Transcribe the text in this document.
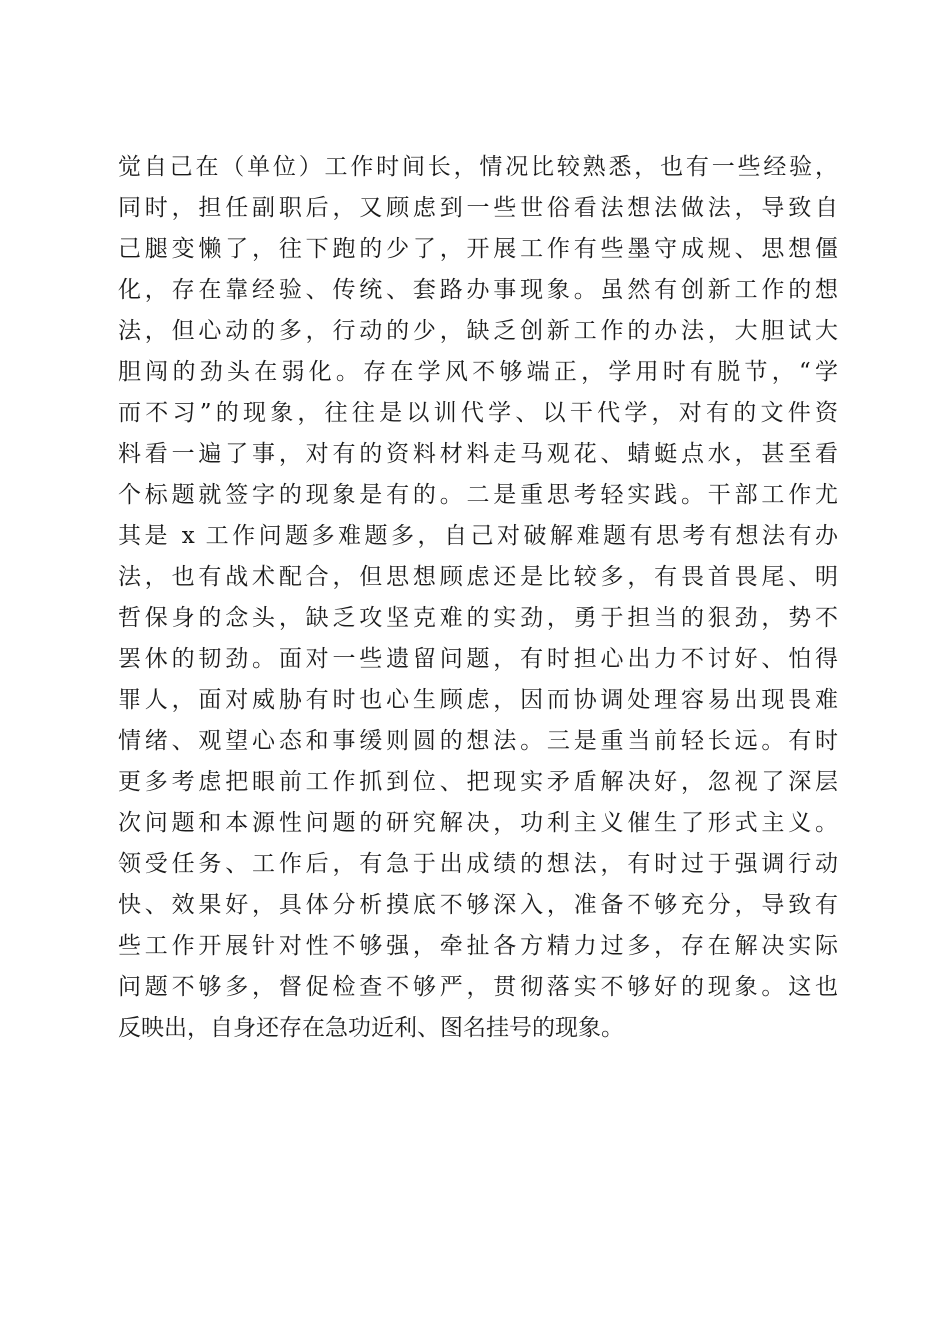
觉自己在（单位）工作时间长，情况比较熟悉，也有一些经验，
同时，担任副职后，又顾虑到一些世俗看法想法做法，导致自
己腿变懒了，往下跑的少了，开展工作有些墨守成规、思想僵
化，存在靠经验、传统、套路办事现象。虽然有创新工作的想
法，但心动的多，行动的少，缺乏创新工作的办法，大胆试大
胆闯的劲头在弱化。存在学风不够端正，学用时有脱节，“学
而不习”的现象，往往是以训代学、以干代学，对有的文件资
料看一遍了事，对有的资料材料走马观花、蜻蜓点水，甚至看
个标题就签字的现象是有的。二是重思考轻实践。干部工作尤
其是 x 工作问题多难题多，自己对破解难题有思考有想法有办
法，也有战术配合，但思想顾虑还是比较多，有畏首畏尾、明
哲保身的念头，缺乏攻坚克难的实劲，勇于担当的狠劲，势不
罢休的韧劲。面对一些遗留问题，有时担心出力不讨好、怕得
罪人，面对威胁有时也心生顾虑，因而协调处理容易出现畏难
情绪、观望心态和事缓则圆的想法。三是重当前轻长远。有时
更多考虑把眼前工作抓到位、把现实矛盾解决好，忽视了深层
次问题和本源性问题的研究解决，功利主义催生了形式主义。
领受任务、工作后，有急于出成绩的想法，有时过于强调行动
快、效果好，具体分析摸底不够深入，准备不够充分，导致有
些工作开展针对性不够强，牵扯各方精力过多，存在解决实际
问题不够多，督促检查不够严，贯彻落实不够好的现象。这也
反映出，自身还存在急功近利、图名挂号的现象。
